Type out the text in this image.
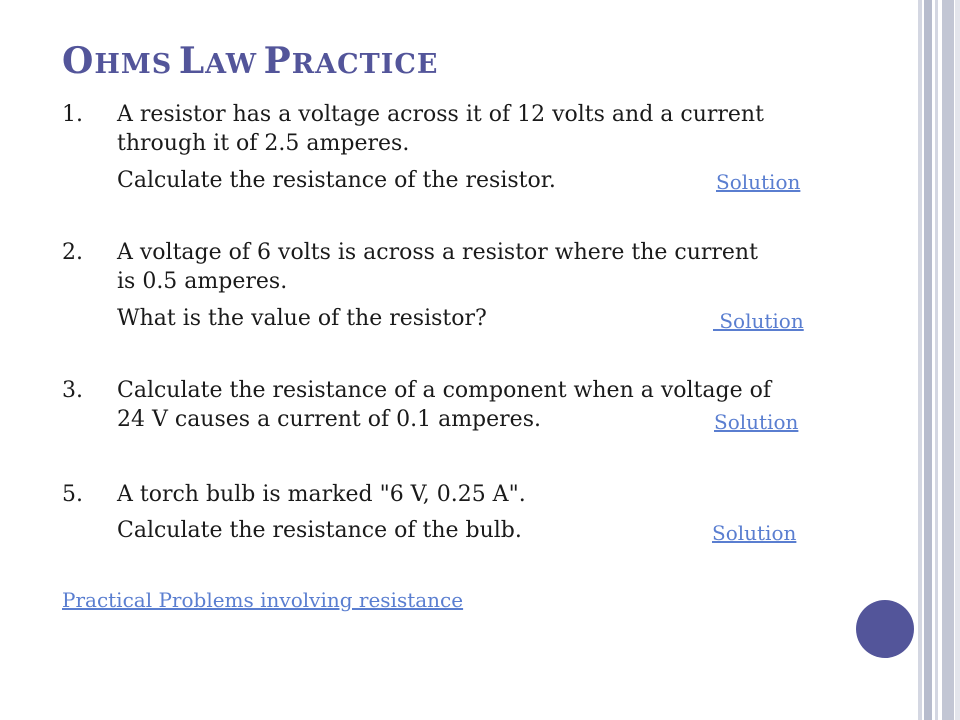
OHMS LAW PRACTICE
1. A resistor has a voltage across it of 12 volts and a current
through it of 2.5 amperes.
Calculate the resistance of the resistor.	Solution
2. A voltage of 6 volts is across a resistor where the current
is 0.5 amperes.
What is the value of the resistor?	Solution
3. Calculate the resistance of a component when a voltage of
24 V causes a current of 0.1 amperes.	Solution
5. A torch bulb is marked "6 V, 0.25 A".
Calculate the resistance of the bulb.	Solution
Practical Problems involving resistance
